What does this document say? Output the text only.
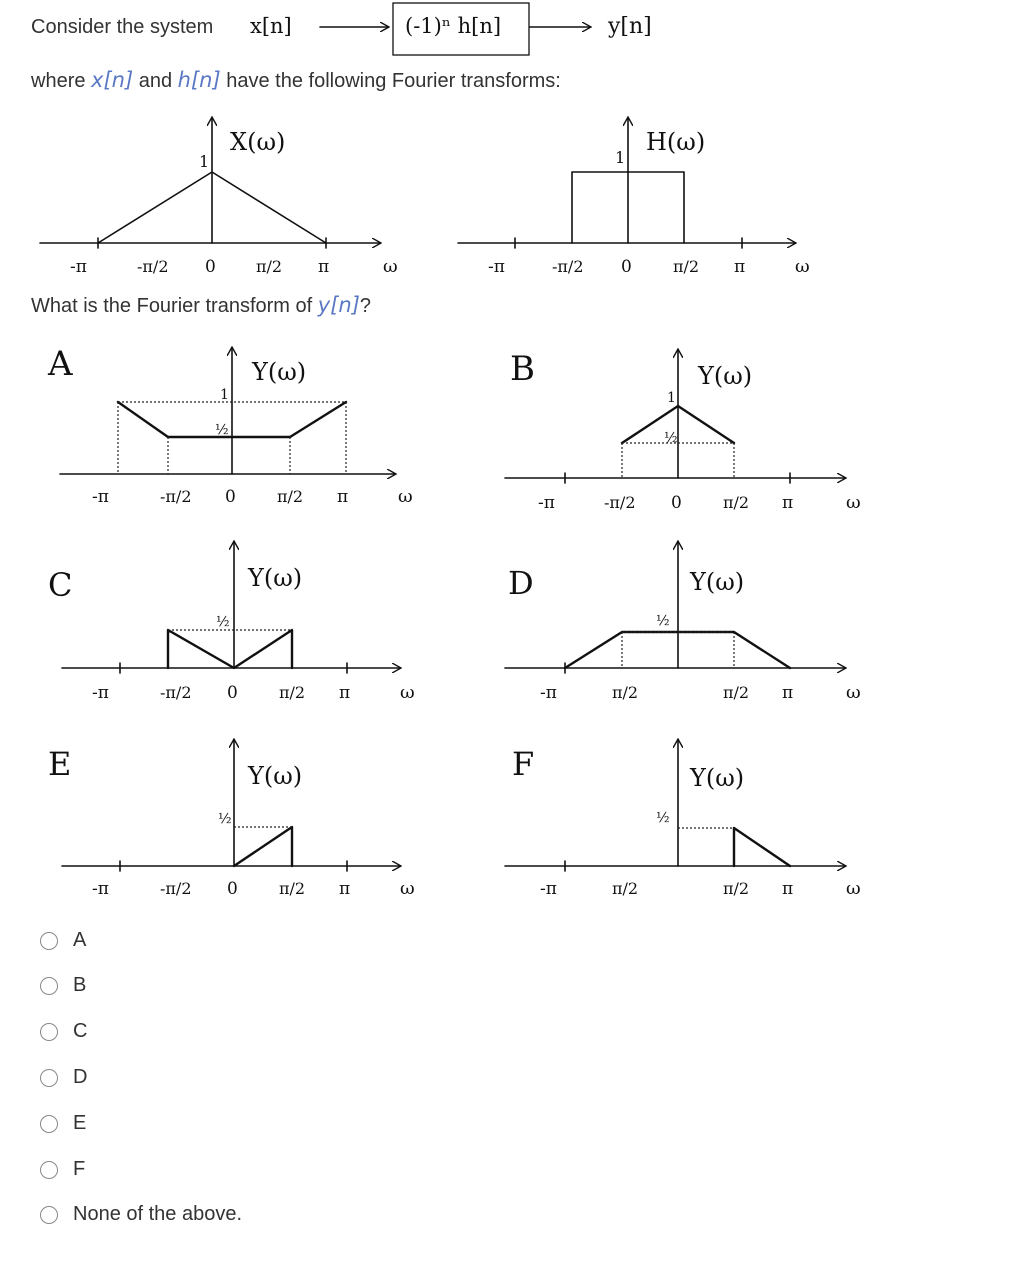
Consider the system x[n]	(-1)ⁿ h[n]	y[n]
where x[n] and h[n] have the following Fourier transforms:
What is the Fourier transform of y[n]?
X(ω)
1
-π	-π/2 0	π/2 π	ω
H(ω)
1
-π	-π/2 0	π/2 π	ω
A	Y(ω)
1
½
-π	-π/2 0	π/2 π	ω
B	Y(ω)
1
½
-π	-π/2 0	π/2 π	ω
C	Y(ω)
½
-π	-π/2 0	π/2 π	ω
D	Y(ω)
½
-π	π/2	π/2 π	ω
E	Y(ω)
½
-π	-π/2 0	π/2 π	ω
F	Y(ω)
½
-π	π/2	π/2 π	ω
A
B
C
D
E
F
None of the above.
